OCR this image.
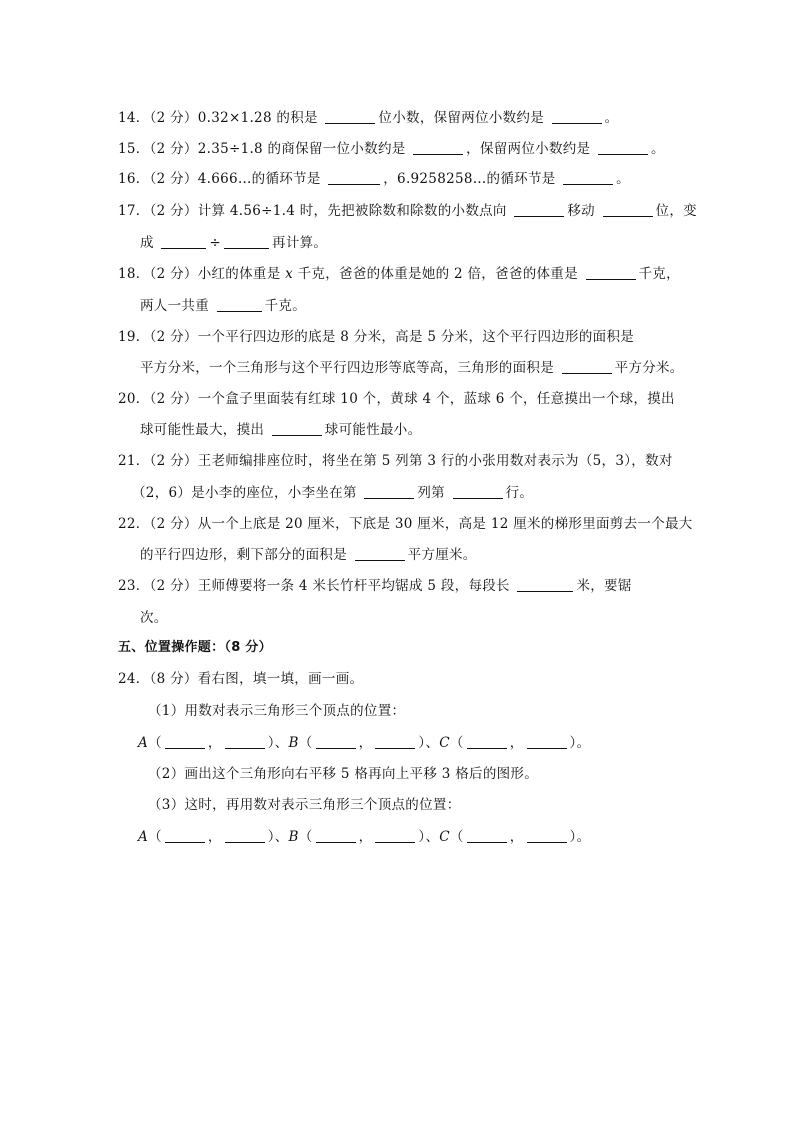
14．（2 分）0.32×1.28 的积是	位小数，保留两位小数约是	。
15．（2 分）2.35÷1.8 的商保留一位小数约是	，保留两位小数约是	。
16．（2 分）4.666…的循环节是	，6.9258258…的循环节是	。
17．（2 分）计算 4.56÷1.4 时，先把被除数和除数的小数点向	移动	位，变
成	÷	再计算。
18．（2 分）小红的体重是 x 千克，爸爸的体重是她的 2 倍，爸爸的体重是	千克，
两人一共重	千克。
19．（2 分）一个平行四边形的底是 8 分米，高是 5 分米，这个平行四边形的面积是
平方分米，一个三角形与这个平行四边形等底等高，三角形的面积是	平方分米。
20．（2 分）一个盒子里面装有红球 10 个，黄球 4 个，蓝球 6 个，任意摸出一个球，摸出
球可能性最大，摸出	球可能性最小。
21．（2 分）王老师编排座位时，将坐在第 5 列第 3 行的小张用数对表示为（5，3），数对
（2，6）是小李的座位，小李坐在第	列第	行。
22．（2 分）从一个上底是 20 厘米，下底是 30 厘米，高是 12 厘米的梯形里面剪去一个最大
的平行四边形，剩下部分的面积是	平方厘米。
23．（2 分）王师傅要将一条 4 米长竹杆平均锯成 5 段，每段长	米，要锯
次。
五、位置操作题：（8 分）
24．（8 分）看右图，填一填，画一画。
（1）用数对表示三角形三个顶点的位置：
A（	，	）、B（	，	）、C（	，	）。
（2）画出这个三角形向右平移 5 格再向上平移 3 格后的图形。
（3）这时，再用数对表示三角形三个顶点的位置：
A（	，	）、B（	，	）、C（	，	）。
